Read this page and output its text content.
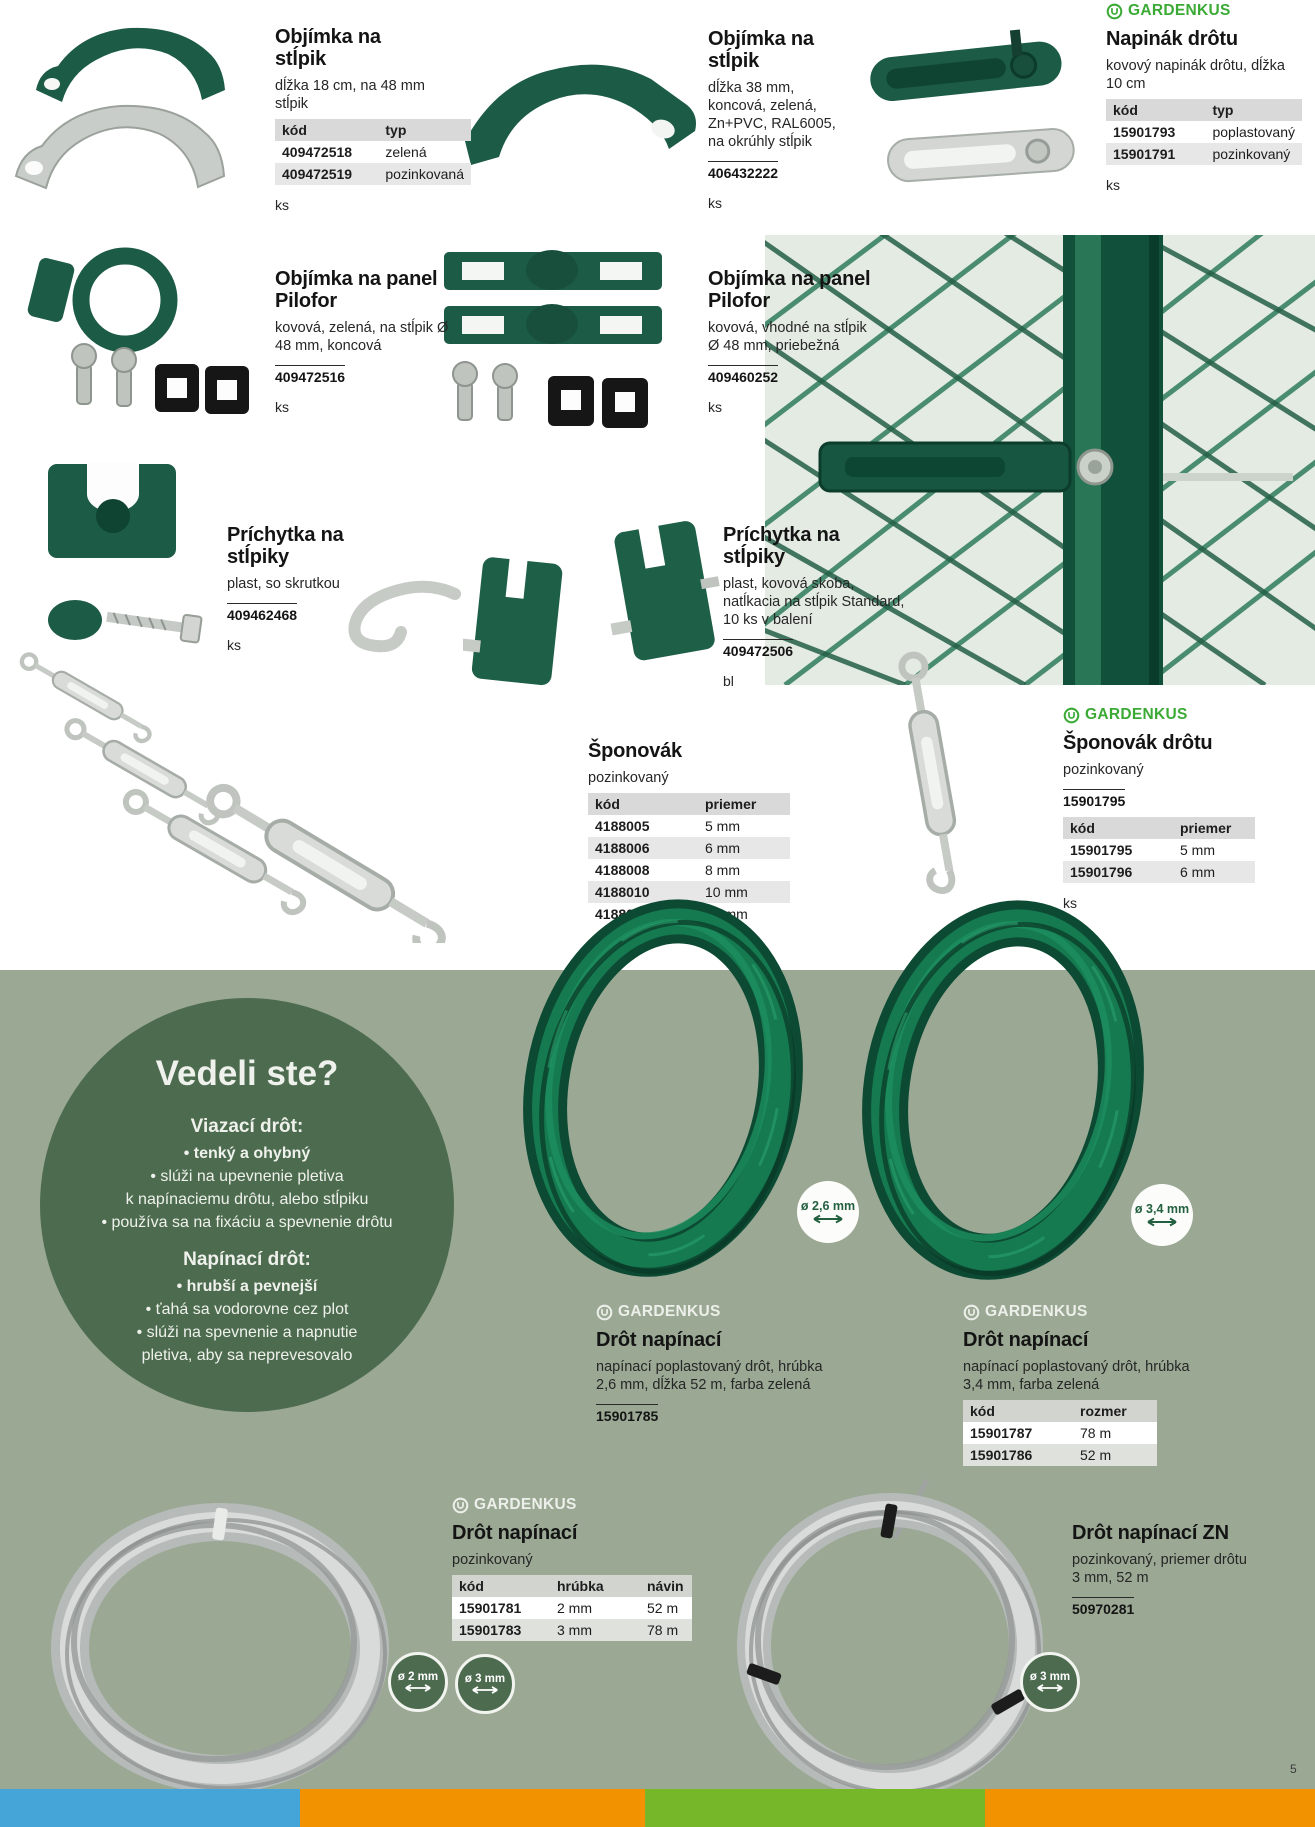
Objímka na stĺpik

dĺžka 18 cm, na 48 mm stĺpik

kód	typ
409472518	zelená
409472519	pozinkovaná
ks
Objímka na stĺpik

dĺžka 38 mm, koncová, zelená, Zn+PVC, RAL6005, na okrúhly stĺpik

406432222

ks
GARDENKUS
Napinák drôtu

kovový napinák drôtu, dĺžka 10 cm

kód	typ
15901793	poplastovaný
15901791	pozinkovaný
ks
Objímka na panel Pilofor

kovová, zelená, na stĺpik Ø 48 mm, koncová

409472516

ks
Objímka na panel Pilofor

kovová, vhodné na stĺpik Ø 48 mm, priebežná

409460252

ks
Príchytka na stĺpiky

plast, so skrutkou

409462468

ks
Príchytka na stĺpiky

plast, kovová skoba, natĺkacia na stĺpik Standard, 10 ks v balení

409472506

bl
Šponovák

pozinkovaný

kód	priemer
4188005	5 mm
4188006	6 mm
4188008	8 mm
4188010	10 mm
4188012	12 mm
ks
GARDENKUS
Šponovák drôtu

pozinkovaný

15901795
kód	priemer
15901795	5 mm
15901796	6 mm
ks
Vedeli ste?
Viazací drôt:
• tenký a ohybný
• slúži na upevnenie pletiva
k napínaciemu drôtu, alebo stĺpiku
• používa sa na fixáciu a spevnenie drôtu
Napínací drôt:
• hrubší a pevnejší
• ťahá sa vodorovne cez plot
• slúži na spevnenie a napnutie
pletiva, aby sa neprevesovalo
ø 2,6 mm	ø 3,4 mm
GARDENKUS
Drôt napínací

napínací poplastovaný drôt, hrúbka 2,6 mm, dĺžka 52 m, farba zelená

15901785
GARDENKUS
Drôt napínací

napínací poplastovaný drôt, hrúbka 3,4 mm, farba zelená

kód	rozmer
15901787	78 m
15901786	52 m
GARDENKUS
Drôt napínací

pozinkovaný

kód	hrúbka	návin
15901781	2 mm	52 m
15901783	3 mm	78 m
Drôt napínací ZN

pozinkovaný, priemer drôtu 3 mm, 52 m

50970281
ø 2 mm ø 3 mm	ø 3 mm
5
